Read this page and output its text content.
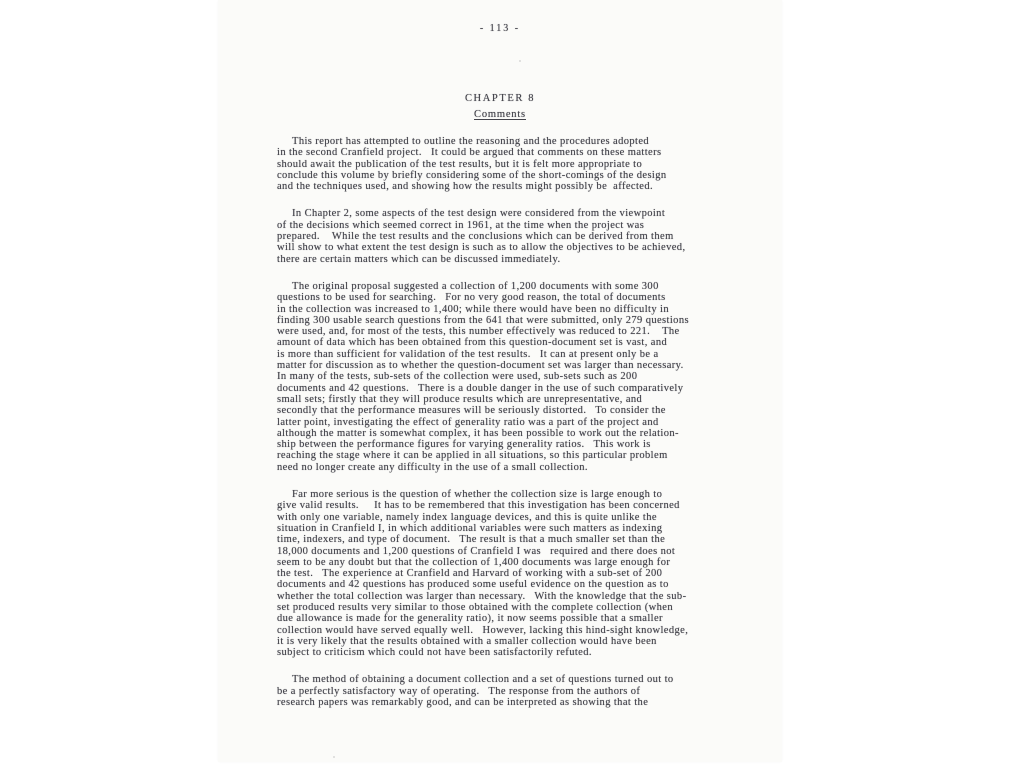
- 113 -
CHAPTER 8
Comments
This report has attempted to outline the reasoning and the procedures adopted
in the second Cranfield project.   It could be argued that comments on these matters
should await the publication of the test results, but it is felt more appropriate to
conclude this volume by briefly considering some of the short-comings of the design
and the techniques used, and showing how the results might possibly be  affected.
In Chapter 2, some aspects of the test design were considered from the viewpoint
of the decisions which seemed correct in 1961, at the time when the project was
prepared.    While the test results and the conclusions which can be derived from them
will show to what extent the test design is such as to allow the objectives to be achieved,
there are certain matters which can be discussed immediately.
The original proposal suggested a collection of 1,200 documents with some 300
questions to be used for searching.   For no very good reason, the total of documents
in the collection was increased to 1,400; while there would have been no difficulty in
finding 300 usable search questions from the 641 that were submitted, only 279 questions
were used, and, for most of the tests, this number effectively was reduced to 221.    The
amount of data which has been obtained from this question-document set is vast, and
is more than sufficient for validation of the test results.   It can at present only be a
matter for discussion as to whether the question-document set was larger than necessary.
In many of the tests, sub-sets of the collection were used, sub-sets such as 200
documents and 42 questions.   There is a double danger in the use of such comparatively
small sets; firstly that they will produce results which are unrepresentative, and
secondly that the performance measures will be seriously distorted.   To consider the
latter point, investigating the effect of generality ratio was a part of the project and
although the matter is somewhat complex, it has been possible to work out the relation-
ship between the performance figures for varying generality ratios.   This work is
reaching the stage where it can be applied in all situations, so this particular problem
need no longer create any difficulty in the use of a small collection.
Far more serious is the question of whether the collection size is large enough to
give valid results.     It has to be remembered that this investigation has been concerned
with only one variable, namely index language devices, and this is quite unlike the
situation in Cranfield I, in which additional variables were such matters as indexing
time, indexers, and type of document.   The result is that a much smaller set than the
18,000 documents and 1,200 questions of Cranfield I was   required and there does not
seem to be any doubt but that the collection of 1,400 documents was large enough for
the test.   The experience at Cranfield and Harvard of working with a sub-set of 200
documents and 42 questions has produced some useful evidence on the question as to
whether the total collection was larger than necessary.   With the knowledge that the sub-
set produced results very similar to those obtained with the complete collection (when
due allowance is made for the generality ratio), it now seems possible that a smaller
collection would have served equally well.   However, lacking this hind-sight knowledge,
it is very likely that the results obtained with a smaller collection would have been
subject to criticism which could not have been satisfactorily refuted.
The method of obtaining a document collection and a set of questions turned out to
be a perfectly satisfactory way of operating.   The response from the authors of
research papers was remarkably good, and can be interpreted as showing that the
